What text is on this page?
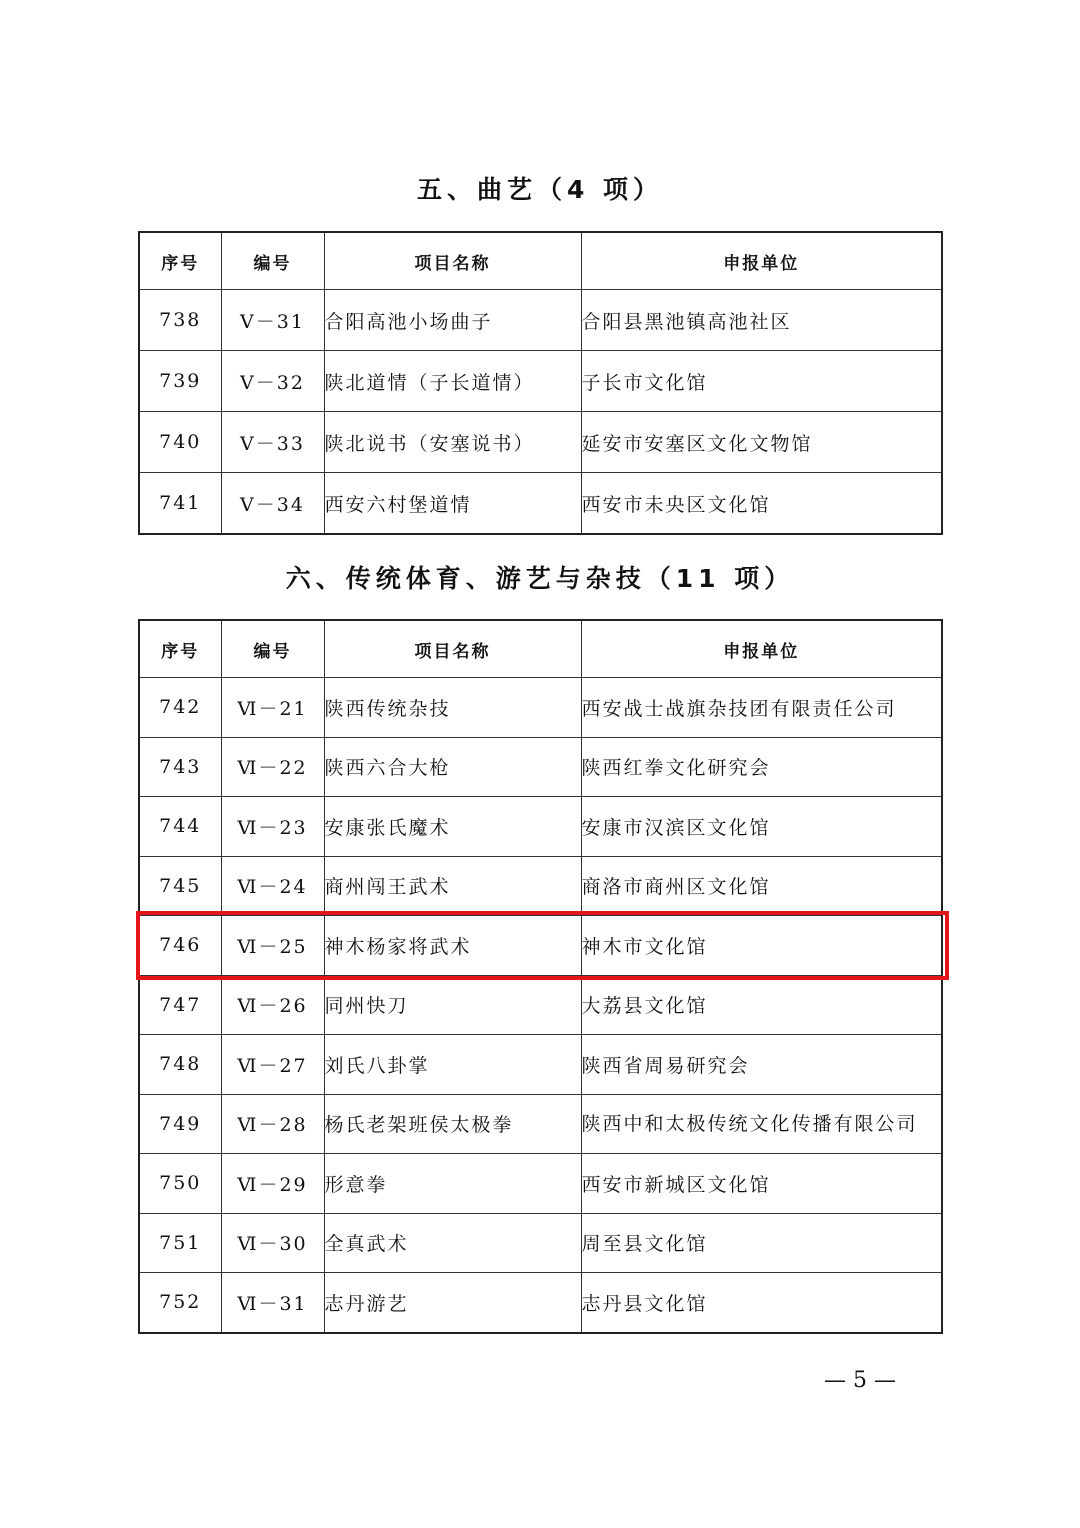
五、曲艺（4 项）
序号	编号	项目名称	申报单位
738	Ⅴ－31	合阳高池小场曲子	合阳县黑池镇高池社区
739	Ⅴ－32	陕北道情（子长道情）	子长市文化馆
740	Ⅴ－33	陕北说书（安塞说书）	延安市安塞区文化文物馆
741	Ⅴ－34	西安六村堡道情	西安市未央区文化馆
六、传统体育、游艺与杂技（11 项）
序号	编号	项目名称	申报单位
742	Ⅵ－21	陕西传统杂技	西安战士战旗杂技团有限责任公司
743	Ⅵ－22	陕西六合大枪	陕西红拳文化研究会
744	Ⅵ－23	安康张氏魔术	安康市汉滨区文化馆
745	Ⅵ－24	商州闯王武术	商洛市商州区文化馆
746	Ⅵ－25	神木杨家将武术	神木市文化馆
747	Ⅵ－26	同州快刀	大荔县文化馆
748	Ⅵ－27	刘氏八卦掌	陕西省周易研究会
749	Ⅵ－28	杨氏老架班侯太极拳	陕西中和太极传统文化传播有限公司

750	Ⅵ－29	形意拳	西安市新城区文化馆
751	Ⅵ－30	全真武术	周至县文化馆
752	Ⅵ－31	志丹游艺	志丹县文化馆
— 5 —
